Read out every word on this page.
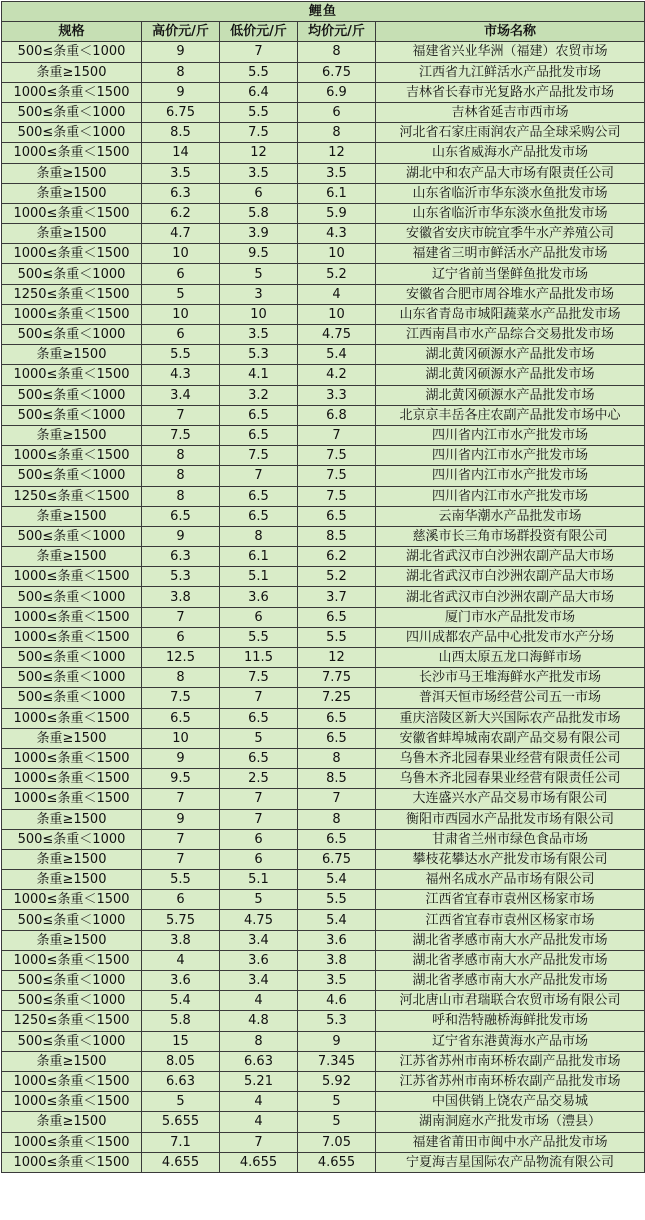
鲤鱼				
规格	高价元/斤	低价元/斤	均价元/斤	市场名称
500≤条重＜1000	9	7	8	福建省兴业华洲（福建）农贸市场
条重≥1500	8	5.5	6.75	江西省九江鲜活水产品批发市场
1000≤条重＜1500	9	6.4	6.9	吉林省长春市光复路水产品批发市场
500≤条重＜1000	6.75	5.5	6	吉林省延吉市西市场
500≤条重＜1000	8.5	7.5	8	河北省石家庄雨润农产品全球采购公司
1000≤条重＜1500	14	12	12	山东省威海水产品批发市场
条重≥1500	3.5	3.5	3.5	湖北中和农产品大市场有限责任公司
条重≥1500	6.3	6	6.1	山东省临沂市华东淡水鱼批发市场
1000≤条重＜1500	6.2	5.8	5.9	山东省临沂市华东淡水鱼批发市场
条重≥1500	4.7	3.9	4.3	安徽省安庆市皖宜季牛水产养殖公司
1000≤条重＜1500	10	9.5	10	福建省三明市鲜活水产品批发市场
500≤条重＜1000	6	5	5.2	辽宁省前当堡鲜鱼批发市场
1250≤条重＜1500	5	3	4	安徽省合肥市周谷堆水产品批发市场
1000≤条重＜1500	10	10	10	山东省青岛市城阳蔬菜水产品批发市场
500≤条重＜1000	6	3.5	4.75	江西南昌市水产品综合交易批发市场
条重≥1500	5.5	5.3	5.4	湖北黄冈硕源水产品批发市场
1000≤条重＜1500	4.3	4.1	4.2	湖北黄冈硕源水产品批发市场
500≤条重＜1000	3.4	3.2	3.3	湖北黄冈硕源水产品批发市场
500≤条重＜1000	7	6.5	6.8	北京京丰岳各庄农副产品批发市场中心
条重≥1500	7.5	6.5	7	四川省内江市水产批发市场
1000≤条重＜1500	8	7.5	7.5	四川省内江市水产批发市场
500≤条重＜1000	8	7	7.5	四川省内江市水产批发市场
1250≤条重＜1500	8	6.5	7.5	四川省内江市水产批发市场
条重≥1500	6.5	6.5	6.5	云南华潮水产品批发市场
500≤条重＜1000	9	8	8.5	慈溪市长三角市场群投资有限公司
条重≥1500	6.3	6.1	6.2	湖北省武汉市白沙洲农副产品大市场
1000≤条重＜1500	5.3	5.1	5.2	湖北省武汉市白沙洲农副产品大市场
500≤条重＜1000	3.8	3.6	3.7	湖北省武汉市白沙洲农副产品大市场
1000≤条重＜1500	7	6	6.5	厦门市水产品批发市场
1000≤条重＜1500	6	5.5	5.5	四川成都农产品中心批发市水产分场
500≤条重＜1000	12.5	11.5	12	山西太原五龙口海鲜市场
500≤条重＜1000	8	7.5	7.75	长沙市马王堆海鲜水产批发市场
500≤条重＜1000	7.5	7	7.25	普洱天恒市场经营公司五一市场
1000≤条重＜1500	6.5	6.5	6.5	重庆涪陵区新大兴国际农产品批发市场
条重≥1500	10	5	6.5	安徽省蚌埠城南农副产品交易有限公司
1000≤条重＜1500	9	6.5	8	乌鲁木齐北园春果业经营有限责任公司
1000≤条重＜1500	9.5	2.5	8.5	乌鲁木齐北园春果业经营有限责任公司
1000≤条重＜1500	7	7	7	大连盛兴水产品交易市场有限公司
条重≥1500	9	7	8	衡阳市西园水产品批发市场有限公司
500≤条重＜1000	7	6	6.5	甘肃省兰州市绿色食品市场
条重≥1500	7	6	6.75	攀枝花攀达水产批发市场有限公司
条重≥1500	5.5	5.1	5.4	福州名成水产品市场有限公司
1000≤条重＜1500	6	5	5.5	江西省宜春市袁州区杨家市场
500≤条重＜1000	5.75	4.75	5.4	江西省宜春市袁州区杨家市场
条重≥1500	3.8	3.4	3.6	湖北省孝感市南大水产品批发市场
1000≤条重＜1500	4	3.6	3.8	湖北省孝感市南大水产品批发市场
500≤条重＜1000	3.6	3.4	3.5	湖北省孝感市南大水产品批发市场
500≤条重＜1000	5.4	4	4.6	河北唐山市君瑞联合农贸市场有限公司
1250≤条重＜1500	5.8	4.8	5.3	呼和浩特融桥海鲜批发市场
500≤条重＜1000	15	8	9	辽宁省东港黄海水产品市场
条重≥1500	8.05	6.63	7.345	江苏省苏州市南环桥农副产品批发市场
1000≤条重＜1500	6.63	5.21	5.92	江苏省苏州市南环桥农副产品批发市场
1000≤条重＜1500	5	4	5	中国供销上饶农产品交易城
条重≥1500	5.655	4	5	湖南洞庭水产批发市场（澧县）
1000≤条重＜1500	7.1	7	7.05	福建省莆田市闽中水产品批发市场
1000≤条重＜1500	4.655	4.655	4.655	宁夏海吉星国际农产品物流有限公司
